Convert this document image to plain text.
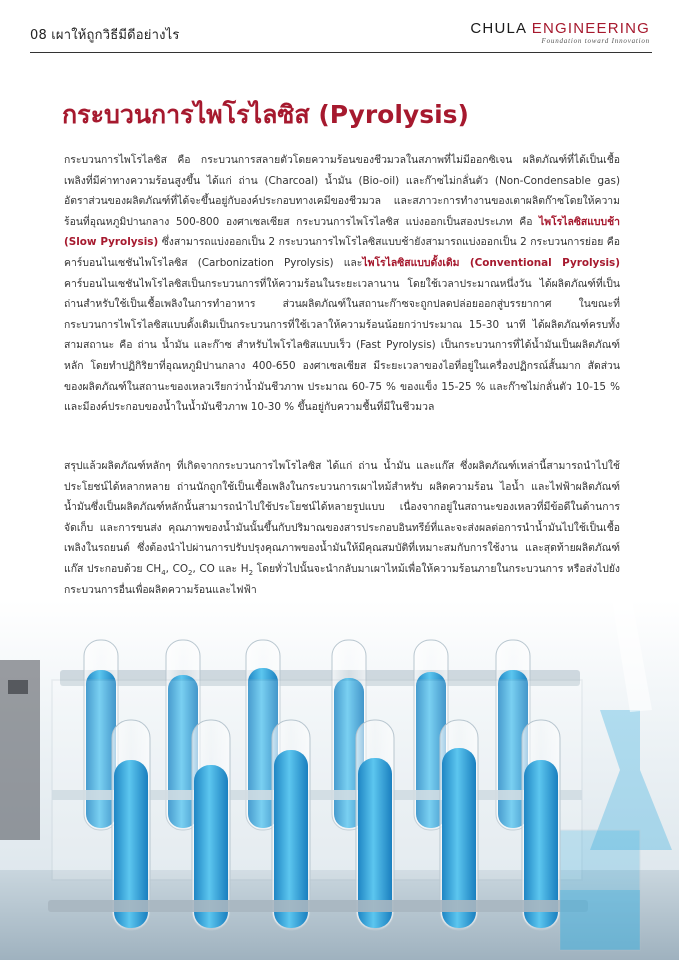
08 เผาให้ถูกวิธีมีดีอย่างไร	CHULA ENGINEERING
Foundation toward Innovation
กระบวนการไพโรไลซิส (Pyrolysis)
กระบวนการไพโรไลซิส คือ กระบวนการสลายตัวโดยความร้อนของชีวมวลในสภาพที่ไม่มีออกซิเจน ผลิตภัณฑ์ที่ได้เป็นเชื้อเพลิงที่มีค่าทางความร้อนสูงขึ้น ได้แก่ ถ่าน (Charcoal) น้ำมัน (Bio-oil) และก๊าซไม่กลั่นตัว (Non-Condensable gas) อัตราส่วนของผลิตภัณฑ์ที่ได้จะขึ้นอยู่กับองค์ประกอบทางเคมีของชีวมวล และสภาวะการทำงานของเตาผลิตก๊าซโดยให้ความร้อนที่อุณหภูมิปานกลาง 500-800 องศาเซลเซียส กระบวนการไพโรไลซิส แบ่งออกเป็นสองประเภท คือ ไพโรไลซิสแบบช้า (Slow Pyrolysis) ซึ่งสามารถแบ่งออกเป็น 2 กระบวนการไพโรไลซิสแบบช้ายังสามารถแบ่งออกเป็น 2 กระบวนการย่อย คือ คาร์บอนไนเซชันไพโรไลซิส (Carbonization Pyrolysis) และไพโรไลซิสแบบดั้งเดิม (Conventional Pyrolysis) คาร์บอนไนเซชันไพโรไลซิสเป็นกระบวนการที่ให้ความร้อนในระยะเวลานาน โดยใช้เวลาประมาณหนึ่งวัน ได้ผลิตภัณฑ์ที่เป็นถ่านสำหรับใช้เป็นเชื้อเพลิงในการทำอาหาร ส่วนผลิตภัณฑ์ในสถานะก๊าซจะถูกปลดปล่อยออกสู่บรรยากาศ ในขณะที่กระบวนการไพโรไลซิสแบบดั้งเดิมเป็นกระบวนการที่ใช้เวลาให้ความร้อนน้อยกว่าประมาณ 15-30 นาที ได้ผลิตภัณฑ์ครบทั้งสามสถานะ คือ ถ่าน น้ำมัน และก๊าซ สำหรับไพโรไลซิสแบบเร็ว (Fast Pyrolysis) เป็นกระบวนการที่ได้น้ำมันเป็นผลิตภัณฑ์หลัก โดยทำปฏิกิริยาที่อุณหภูมิปานกลาง 400-650 องศาเซลเซียส มีระยะเวลาของไอที่อยู่ในเครื่องปฏิกรณ์สั้นมาก สัดส่วนของผลิตภัณฑ์ในสถานะของเหลวเรียกว่าน้ำมันชีวภาพ ประมาณ 60-75 % ของแข็ง 15-25 % และก๊าซไม่กลั่นตัว 10-15 % และมีองค์ประกอบของน้ำในน้ำมันชีวภาพ 10-30 % ขึ้นอยู่กับความชื้นที่มีในชีวมวล
สรุปแล้วผลิตภัณฑ์หลักๆ ที่เกิดจากกระบวนการไพโรไลซิส ได้แก่ ถ่าน น้ำมัน และแก๊ส ซึ่งผลิตภัณฑ์เหล่านี้สามารถนำไปใช้ประโยชน์ได้หลากหลาย ถ่านนักถูกใช้เป็นเชื้อเพลิงในกระบวนการเผาไหม้สำหรับ ผลิตความร้อน ไอน้ำ และไฟฟ้าผลิตภัณฑ์น้ำมันซึ่งเป็นผลิตภัณฑ์หลักนั้นสามารถนำไปใช้ประโยชน์ได้หลายรูปแบบ เนื่องจากอยู่ในสถานะของเหลวที่มีข้อดีในด้านการจัดเก็บ และการขนส่ง คุณภาพของน้ำมันนั้นขึ้นกับปริมาณของสารประกอบอินทรีย์ที่และจะส่งผลต่อการนำน้ำมันไปใช้เป็นเชื้อเพลิงในรถยนต์ ซึ่งต้องนำไปผ่านการปรับปรุงคุณภาพของน้ำมันให้มีคุณสมบัติที่เหมาะสมกับการใช้งาน และสุดท้ายผลิตภัณฑ์แก๊ส ประกอบด้วย $CH_4$, $CO_2$, CO และ $H_2$ โดยทั่วไปนั้นจะนำกลับมาเผาไหม้เพื่อให้ความร้อนภายในกระบวนการ หรือส่งไปยังกระบวนการอื่นเพื่อผลิตความร้อนและไฟฟ้า
